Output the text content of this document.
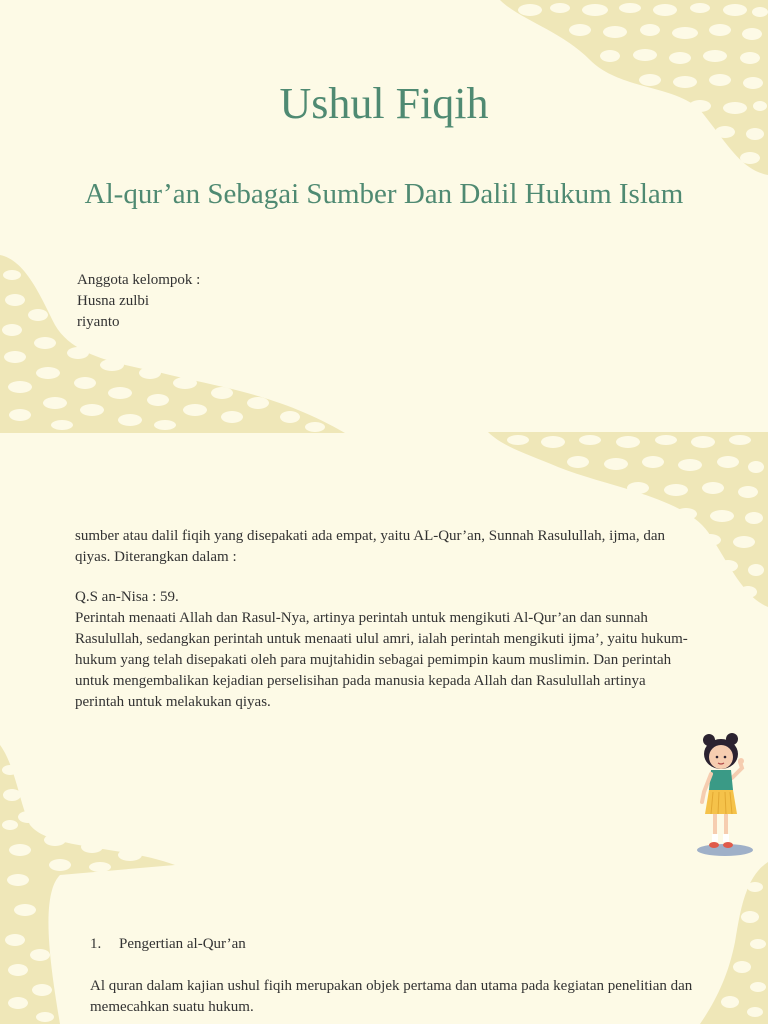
Ushul Fiqih
Al-qur’an Sebagai Sumber Dan Dalil Hukum Islam
Anggota kelompok :
Husna zulbi
riyanto

sumber atau dalil fiqih yang disepakati ada empat, yaitu AL-Qur’an, Sunnah Rasulullah, ijma, dan qiyas. Diterangkan dalam :

Q.S an-Nisa : 59.
Perintah menaati Allah dan Rasul-Nya, artinya perintah untuk mengikuti Al-Qur’an dan sunnah Rasulullah, sedangkan perintah untuk menaati ulul amri, ialah perintah mengikuti ijma’, yaitu hukum-hukum yang telah disepakati oleh para mujtahidin sebagai pemimpin kaum muslimin. Dan perintah untuk mengembalikan kejadian perselisihan pada manusia kepada Allah dan Rasulullah artinya perintah untuk melakukan qiyas.
1. Pengertian al-Qur’an

Al quran dalam kajian ushul fiqih merupakan objek pertama dan utama pada kegiatan penelitian dan memecahkan suatu hukum.
